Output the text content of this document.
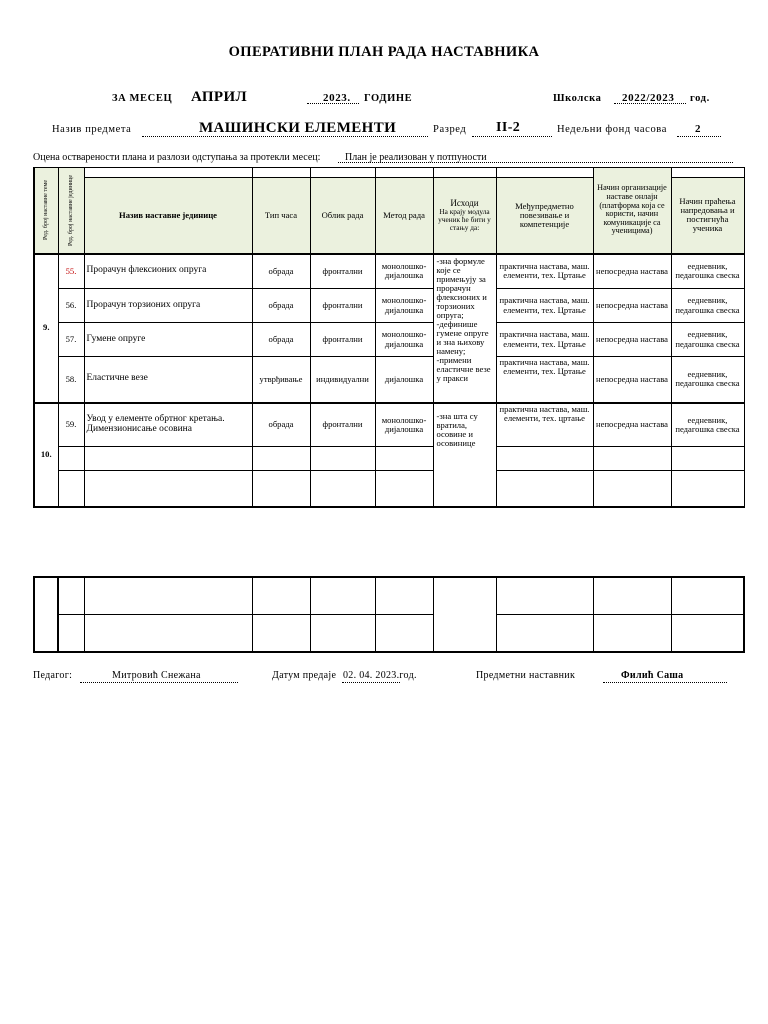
ОПЕРАТИВНИ ПЛАН РАДА НАСТАВНИКА
ЗА МЕСЕЦ АПРИЛ	2023. ГОДИНЕ	Школска 2022/2023 год.
Назив предмета	МАШИНСКИ ЕЛЕМЕНТИ	Разред II-2	Недељни фонд часова	2
Оцена остварености плана и разлози одступања за протекли месец: План је реализован у потпуности
Ред. број наставне теме	Ред. број наставне јединице							Начин организације наставе онлајн (платформа која се користи, начин комуникације са ученицима)	
		Назив наставне јединице	Тип часа	Облик рада	Метод рада	Исходи
На крају модула ученик ће бити у стању да:	Међупредметно повезивање и компетенције		Начин праћења напредовања и постигнућа ученика
9.	55.	Прорачун флексионих опруга	обрада	фронтални	монолошко-дијалошка	-зна формуле које се примењују за прорачун флексионих и торзионих опруга; -дефинише гумене опруге и зна њихову намену; -примени еластичне везе у пракси	практична настава, маш. елементи, тех. Цртање	непосредна настава	еедневник, педагошка свеска
	56.	Прорачун торзионих опруга	обрада	фронтални	монолошко-дијалошка		практична настава, маш. елементи, тех. Цртање	непосредна настава	еедневник, педагошка свеска
	57.	Гумене опруге	обрада	фронтални	монолошко-дијалошка		практична настава, маш. елементи, тех. Цртање	непосредна настава	еедневник, педагошка свеска
	58.	Еластичне везе	утврђивање	индивидуални	дијалошка		практична настава, маш. елементи, тех. Цртање	непосредна настава	еедневник, педагошка свеска
10.	59.	Увод у елементе обртног кретања. Димензионисање осовина	обрада	фронтални	монолошко-дијалошка	-зна шта су вратила, осовине и осовинице	практична настава, маш. елементи, тех. цртање	непосредна настава	еедневник, педагошка свеска

Педагог:	Митровић Снежана	Датум предаје 02. 04. 2023.год.	Предметни наставник	Филић Саша
